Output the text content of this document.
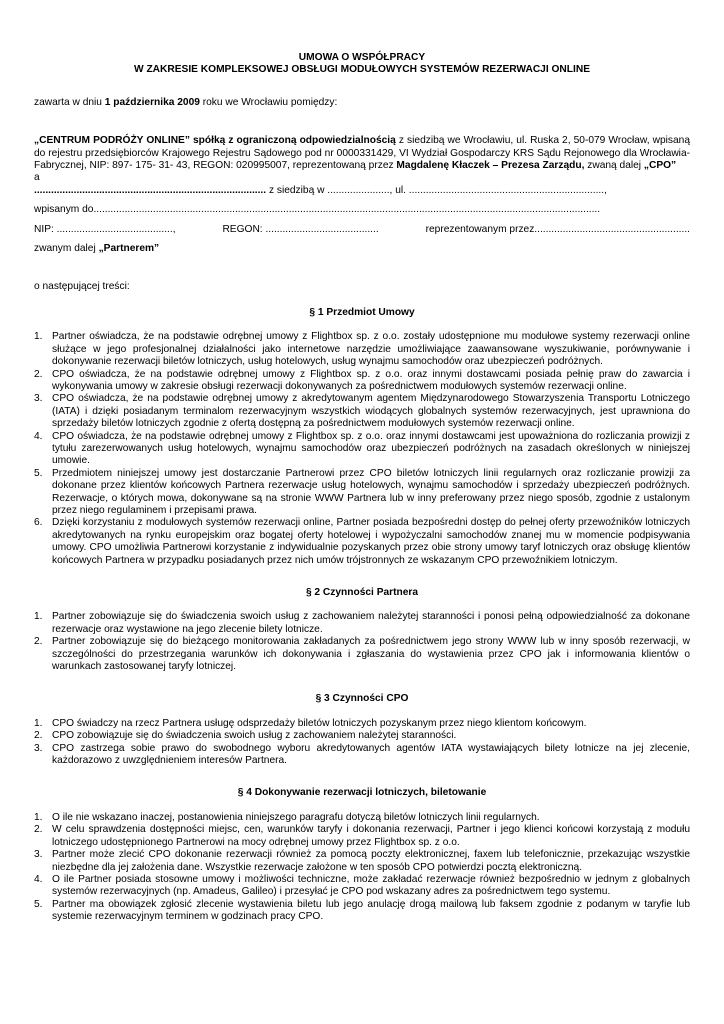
UMOWA O WSPÓŁPRACY
W ZAKRESIE KOMPLEKSOWEJ OBSŁUGI MODUŁOWYCH SYSTEMÓW REZERWACJI ONLINE

zawarta w dniu 1 października 2009 roku we Wrocławiu pomiędzy:

„CENTRUM PODRÓŻY ONLINE” spółką z ograniczoną odpowiedzialnością z siedzibą we Wrocławiu, ul. Ruska 2, 50-079 Wrocław, wpisaną do rejestru przedsiębiorców Krajowego Rejestru Sądowego pod nr 0000331429, VI Wydział Gospodarczy KRS Sądu Rejonowego dla Wrocławia-Fabrycznej, NIP: 897- 175- 31- 43, REGON: 020995007, reprezentowaną przez Magdalenę Kłaczek – Prezesa Zarządu, zwaną dalej „CPO”

a

.................................................................................. z siedzibą w ......................, ul. .....................................................................,
wpisanym do...................................................................................................................................................................................
NIP: .........................................,	REGON: ........................................	reprezentowanym przez.......................................................

zwanym dalej „Partnerem”

o następującej treści:

§ 1 Przedmiot Umowy

1. Partner oświadcza, że na podstawie odrębnej umowy z Flightbox sp. z o.o. zostały udostępnione mu modułowe systemy rezerwacji online służące w jego profesjonalnej działalności jako internetowe narzędzie umożliwiające zaawansowane wyszukiwanie, porównywanie i dokonywanie rezerwacji biletów lotniczych, usług hotelowych, usług wynajmu samochodów oraz ubezpieczeń podróżnych.
2. CPO oświadcza, że na podstawie odrębnej umowy z Flightbox sp. z o.o. oraz innymi dostawcami posiada pełnię praw do zawarcia i wykonywania umowy w zakresie obsługi rezerwacji dokonywanych za pośrednictwem modułowych systemów rezerwacji online.
3. CPO oświadcza, że na podstawie odrębnej umowy z akredytowanym agentem Międzynarodowego Stowarzyszenia Transportu Lotniczego (IATA) i dzięki posiadanym terminalom rezerwacyjnym wszystkich wiodących globalnych systemów rezerwacyjnych, jest uprawniona do sprzedaży biletów lotniczych zgodnie z ofertą dostępną za pośrednictwem modułowych systemów rezerwacji online.
4. CPO oświadcza, że na podstawie odrębnej umowy z Flightbox sp. z o.o. oraz innymi dostawcami jest upoważniona do rozliczania prowizji z tytułu zarezerwowanych usług hotelowych, wynajmu samochodów oraz ubezpieczeń podróżnych na zasadach określonych w niniejszej umowie.
5. Przedmiotem niniejszej umowy jest dostarczanie Partnerowi przez CPO biletów lotniczych linii regularnych oraz rozliczanie prowizji za dokonane przez klientów końcowych Partnera rezerwacje usług hotelowych, wynajmu samochodów i sprzedaży ubezpieczeń podróżnych. Rezerwacje, o których mowa, dokonywane są na stronie WWW Partnera lub w inny preferowany przez niego sposób, zgodnie z ustalonym przez niego regulaminem i przepisami prawa.
6. Dzięki korzystaniu z modułowych systemów rezerwacji online, Partner posiada bezpośredni dostęp do pełnej oferty przewoźników lotniczych akredytowanych na rynku europejskim oraz bogatej oferty hotelowej i wypożyczalni samochodów znanej mu w momencie podpisywania umowy. CPO umożliwia Partnerowi korzystanie z indywidualnie pozyskanych przez obie strony umowy taryf lotniczych oraz obsługę klientów końcowych Partnera w przypadku posiadanych przez nich umów trójstronnych ze wskazanym CPO przewoźnikiem lotniczym.

§ 2 Czynności Partnera

1. Partner zobowiązuje się do świadczenia swoich usług z zachowaniem należytej staranności i ponosi pełną odpowiedzialność za dokonane rezerwacje oraz wystawione na jego zlecenie bilety lotnicze.
2. Partner zobowiązuje się do bieżącego monitorowania zakładanych za pośrednictwem jego strony WWW lub w inny sposób rezerwacji, w szczególności do przestrzegania warunków ich dokonywania i zgłaszania do wystawienia przez CPO jak i informowania klientów o warunkach zastosowanej taryfy lotniczej.

§ 3 Czynności CPO

1. CPO świadczy na rzecz Partnera usługę odsprzedaży biletów lotniczych pozyskanym przez niego klientom końcowym.
2. CPO zobowiązuje się do świadczenia swoich usług z zachowaniem należytej staranności.
3. CPO zastrzega sobie prawo do swobodnego wyboru akredytowanych agentów IATA wystawiających bilety lotnicze na jej zlecenie, każdorazowo z uwzględnieniem interesów Partnera.

§ 4 Dokonywanie rezerwacji lotniczych, biletowanie

1. O ile nie wskazano inaczej, postanowienia niniejszego paragrafu dotyczą biletów lotniczych linii regularnych.
2. W celu sprawdzenia dostępności miejsc, cen, warunków taryfy i dokonania rezerwacji, Partner i jego klienci końcowi korzystają z modułu lotniczego udostępnionego Partnerowi na mocy odrębnej umowy przez Flightbox sp. z o.o.
3. Partner może zlecić CPO dokonanie rezerwacji również za pomocą poczty elektronicznej, faxem lub telefonicznie, przekazując wszystkie niezbędne dla jej założenia dane. Wszystkie rezerwacje założone w ten sposób CPO potwierdzi pocztą elektroniczną.
4. O ile Partner posiada stosowne umowy i możliwości techniczne, może zakładać rezerwacje również bezpośrednio w jednym z globalnych systemów rezerwacyjnych (np. Amadeus, Galileo) i przesyłać je CPO pod wskazany adres za pośrednictwem tego systemu.
5. Partner ma obowiązek zgłosić zlecenie wystawienia biletu lub jego anulację drogą mailową lub faksem zgodnie z podanym w taryfie lub systemie rezerwacyjnym terminem w godzinach pracy CPO.
